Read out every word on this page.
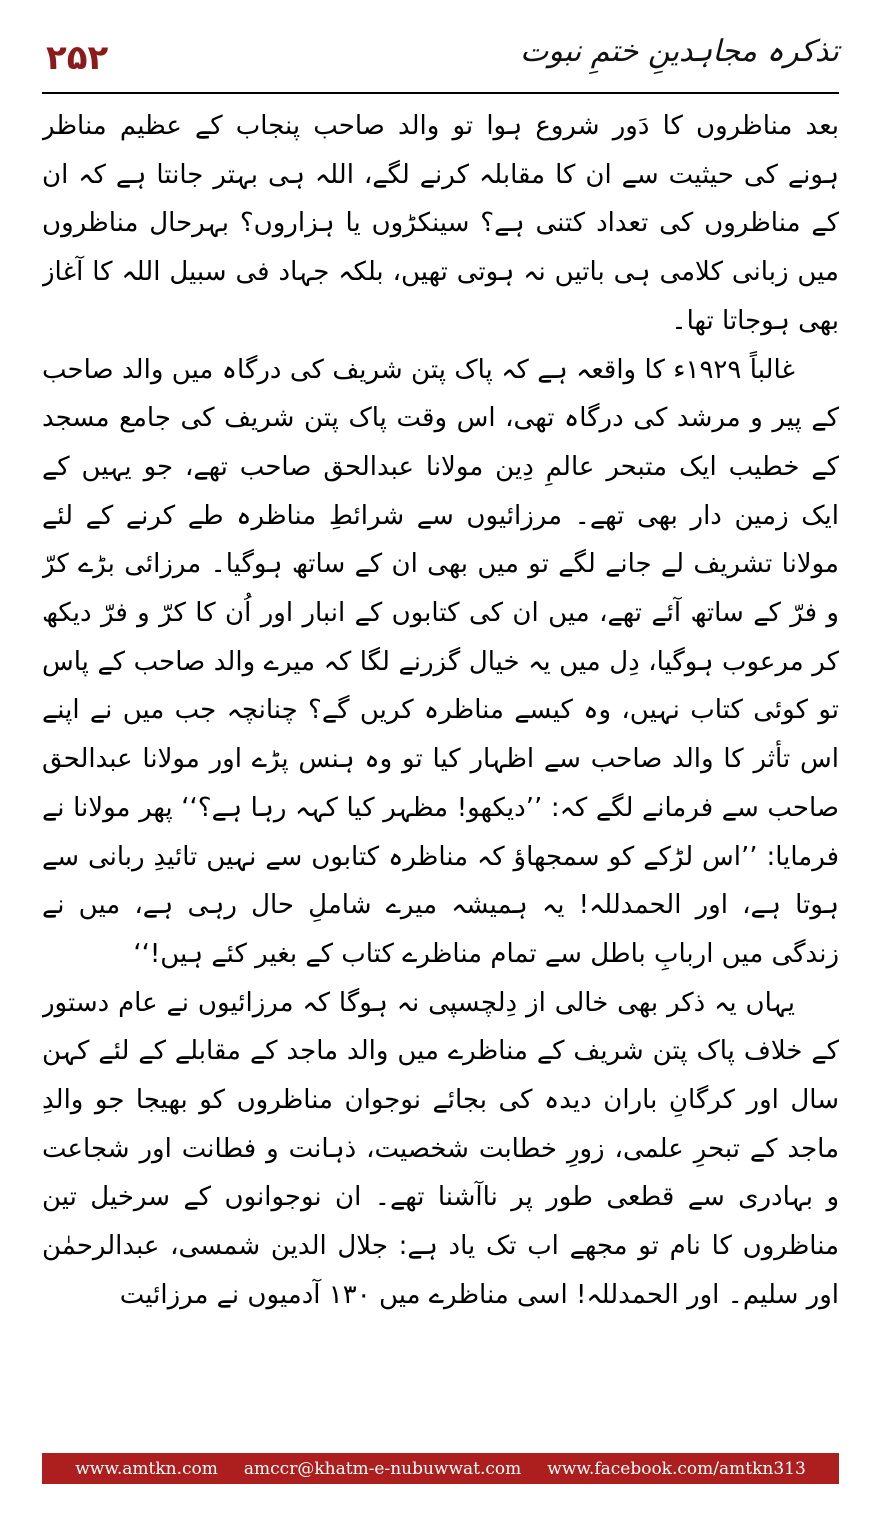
۲۵۲	تذکرہ مجاہدینِ ختمِ نبوت

بعد مناظروں کا دَور شروع ہوا تو والد صاحب پنجاب کے عظیم مناظر ہونے کی حیثیت سے ان کا مقابلہ کرنے لگے، اللہ ہی بہتر جانتا ہے کہ ان کے مناظروں کی تعداد کتنی ہے؟ سینکڑوں یا ہزاروں؟ بہرحال مناظروں میں زبانی کلامی ہی باتیں نہ ہوتی تھیں، بلکہ جہاد فی سبیل اللہ کا آغاز بھی ہوجاتا تھا۔

غالباً ۱۹۲۹ء کا واقعہ ہے کہ پاک پتن شریف کی درگاہ میں والد صاحب کے پیر و مرشد کی درگاہ تھی، اس وقت پاک پتن شریف کی جامع مسجد کے خطیب ایک متبحر عالمِ دِین مولانا عبدالحق صاحب تھے، جو یہیں کے ایک زمین دار بھی تھے۔ مرزائیوں سے شرائطِ مناظرہ طے کرنے کے لئے مولانا تشریف لے جانے لگے تو میں بھی ان کے ساتھ ہوگیا۔ مرزائی بڑے کرّ و فرّ کے ساتھ آئے تھے، میں ان کی کتابوں کے انبار اور اُن کا کرّ و فرّ دیکھ کر مرعوب ہوگیا، دِل میں یہ خیال گزرنے لگا کہ میرے والد صاحب کے پاس تو کوئی کتاب نہیں، وہ کیسے مناظرہ کریں گے؟ چنانچہ جب میں نے اپنے اس تأثر کا والد صاحب سے اظہار کیا تو وہ ہنس پڑے اور مولانا عبدالحق صاحب سے فرمانے لگے کہ: ’’دیکھو! مظہر کیا کہہ رہا ہے؟‘‘ پھر مولانا نے فرمایا: ’’اس لڑکے کو سمجھاؤ کہ مناظرہ کتابوں سے نہیں تائیدِ ربانی سے ہوتا ہے، اور الحمدللہ! یہ ہمیشہ میرے شاملِ حال رہی ہے، میں نے زندگی میں اربابِ باطل سے تمام مناظرے کتاب کے بغیر کئے ہیں!‘‘

یہاں یہ ذکر بھی خالی از دِلچسپی نہ ہوگا کہ مرزائیوں نے عام دستور کے خلاف پاک پتن شریف کے مناظرے میں والد ماجد کے مقابلے کے لئے کہن سال اور کرگانِ باران دیدہ کی بجائے نوجوان مناظروں کو بھیجا جو والدِ ماجد کے تبحرِ علمی، زورِ خطابت شخصیت، ذہانت و فطانت اور شجاعت و بہادری سے قطعی طور پر ناآشنا تھے۔ ان نوجوانوں کے سرخیل تین مناظروں کا نام تو مجھے اب تک یاد ہے: جلال الدین شمسی، عبدالرحمٰن اور سلیم۔ اور الحمدللہ! اسی مناظرے میں ۱۳۰ آدمیوں نے مرزائیت

www.amtkn.com amccr@khatm-e-nubuwwat.com www.facebook.com/amtkn313
